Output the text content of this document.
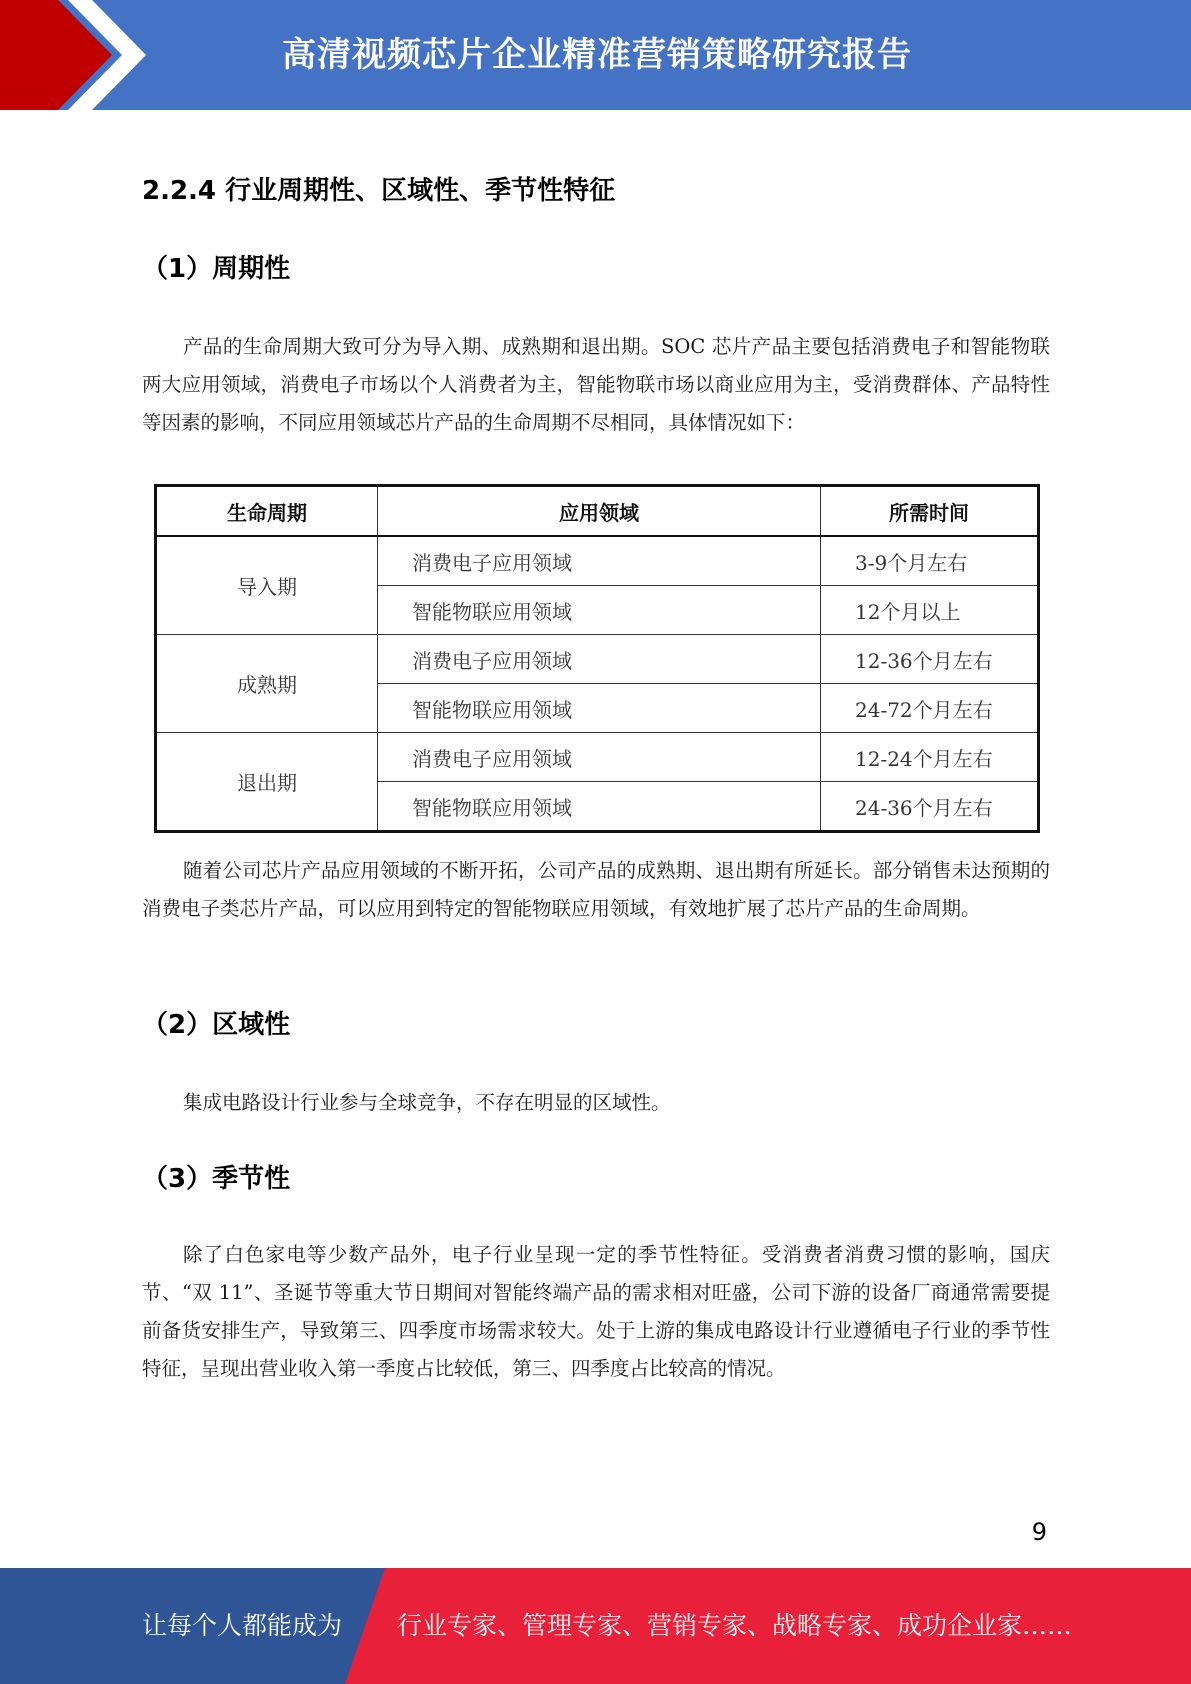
高清视频芯片企业精准营销策略研究报告
2.2.4 行业周期性、区域性、季节性特征
（1）周期性
产品的生命周期大致可分为导入期、成熟期和退出期。SOC 芯片产品主要包括消费电子和智能物联两大应用领域，消费电子市场以个人消费者为主，智能物联市场以商业应用为主，受消费群体、产品特性等因素的影响，不同应用领域芯片产品的生命周期不尽相同，具体情况如下：
生命周期	应用领域	所需时间
导入期	消费电子应用领域	3-9个月左右
	智能物联应用领域	12个月以上
成熟期	消费电子应用领域	12-36个月左右
	智能物联应用领域	24-72个月左右
退出期	消费电子应用领域	12-24个月左右
	智能物联应用领域	24-36个月左右
随着公司芯片产品应用领域的不断开拓，公司产品的成熟期、退出期有所延长。部分销售未达预期的消费电子类芯片产品，可以应用到特定的智能物联应用领域，有效地扩展了芯片产品的生命周期。
（2）区域性
集成电路设计行业参与全球竞争，不存在明显的区域性。
（3）季节性
除了白色家电等少数产品外，电子行业呈现一定的季节性特征。受消费者消费习惯的影响，国庆节、“双 11”、圣诞节等重大节日期间对智能终端产品的需求相对旺盛，公司下游的设备厂商通常需要提前备货安排生产，导致第三、四季度市场需求较大。处于上游的集成电路设计行业遵循电子行业的季节性特征，呈现出营业收入第一季度占比较低，第三、四季度占比较高的情况。
9
让每个人都能成为 行业专家、管理专家、营销专家、战略专家、成功企业家……
